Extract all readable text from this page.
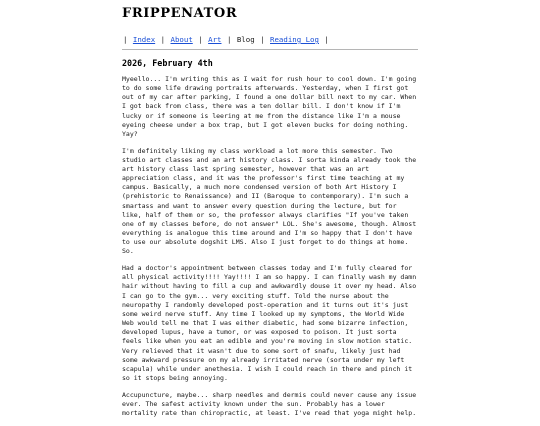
FRIPPENATOR
| Index | About | Art | Blog | Reading Log |
2026, February 4th

Myeello... I'm writing this as I wait for rush hour to cool down. I'm going to do some life drawing portraits afterwards. Yesterday, when I first got out of my car after parking, I found a one dollar bill next to my car. When I got back from class, there was a ten dollar bill. I don't know if I'm lucky or if someone is leering at me from the distance like I'm a mouse eyeing cheese under a box trap, but I got eleven bucks for doing nothing. Yay?

I'm definitely liking my class workload a lot more this semester. Two studio art classes and an art history class. I sorta kinda already took the art history class last spring semester, however that was an art appreciation class, and it was the professor's first time teaching at my campus. Basically, a much more condensed version of both Art History I (prehistoric to Renaissance) and II (Baroque to contemporary). I'm such a smartass and want to answer every question during the lecture, but for like, half of them or so, the professor always clarifies "If you've taken one of my classes before, do not answer" LOL. She's awesome, though. Almost everything is analogue this time around and I'm so happy that I don't have to use our absolute dogshit LMS. Also I just forget to do things at home. So.

Had a doctor's appointment between classes today and I'm fully cleared for all physical activity!!!! Yay!!!! I am so happy. I can finally wash my damn hair without having to fill a cup and awkwardly douse it over my head. Also I can go to the gym... very exciting stuff. Told the nurse about the neuropathy I randomly developed post-operation and it turns out it's just some weird nerve stuff. Any time I looked up my symptoms, the World Wide Web would tell me that I was either diabetic, had some bizarre infection, developed lupus, have a tumor, or was exposed to poison. It just sorta feels like when you eat an edible and you're moving in slow motion static. Very relieved that it wasn't due to some sort of snafu, likely just had some awkward pressure on my already irritated nerve (sorta under my left scapula) while under anethesia. I wish I could reach in there and pinch it so it stops being annoying.

Accupuncture, maybe... sharp needles and dermis could never cause any issue ever. The safest activity known under the sun. Probably has a lower mortality rate than chiropractic, at least. I've read that yoga might help.
